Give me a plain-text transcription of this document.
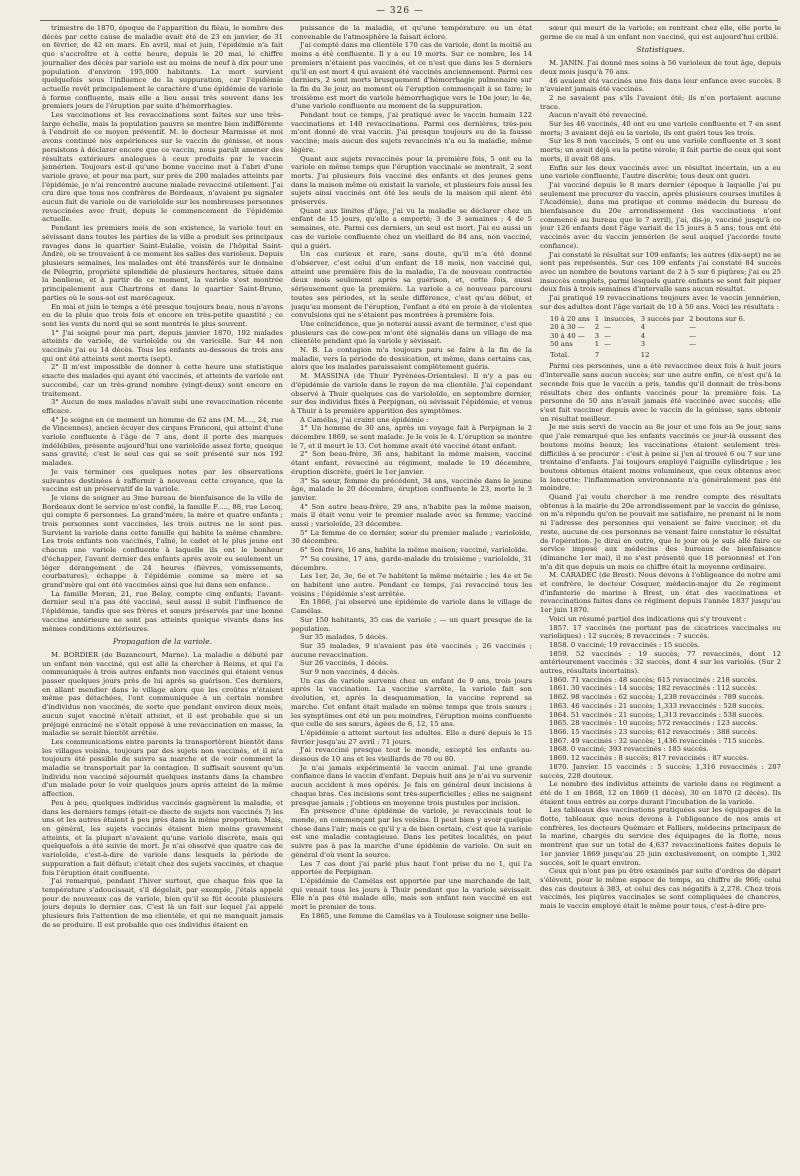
— 326 —

trimestre de 1870, époque de l'apparition du fléau, le nombre des décès par cette cause de maladie avait été de 23 en janvier, de 31 en février, de 42 en mars. En avril, mai et juin, l'épidémie n'a fait que s'accroître et à cette heure, depuis le 20 mai, le chiffre journalier des décès par variole est au moins de neuf à dix pour une population d'environ 195,000 habitants. La mort survient quelquefois sous l'influence de la suppuration, car l'épidémie actuelle revêt principalement le caractère d'une épidémie de variole à forme confluente, mais elle a lieu aussi très souvent dans les premiers jours de l'éruption par suite d'hémorrhagies.

Les vaccinations et les revaccinations sont faites sur une très-large échelle, mais la population pauvre se montre bien indifférente à l'endroit de ce moyen préventif. M. le docteur Marmisse et moi avons continué nos expériences sur le vaccin de génisse, et nous persistons à déclarer encore que ce vaccin, nous paraît amener des résultats extérieurs analogues à ceux produits par le vaccin jennérien. Toujours est-il qu'une bonne vaccine met à l'abri d'une variole grave, et pour ma part, sur près de 200 malades atteints par l'épidémie, je n'ai rencontré aucune malade revacciné utilement. J'ai cru dire que tous nos confrères de Bordeaux, n'avaient pu signaler aucun fait de variole ou de varioloïde sur les nombreuses personnes revaccinées avec fruit, depuis le commencement de l'épidémie actuelle.

Pendant les premiers mois de son existence, la variole tout en sévissant dans toutes les parties de la ville a produit ses principaux ravages dans le quartier Saint-Eulalie, voisin de l'hôpital Saint-André, où se trouvaient à ce moment les salles des varioleux. Depuis plusieurs semaines, les malades ont été transférés sur le domaine de Pélegrin, propriété splendide de plusieurs hectares, située dans la banlieue, et à partir de ce moment, la variole s'est montrée principalement aux Chartrons et dans le quartier Saint-Bruno, parties où le sous-sol est marécageux.

En mai et juin le temps a été presque toujours beau, nous n'avons eu de la pluie que trois fois et encore en très-petite quantité ; ce sont les vents du nord qui se sont montrés le plus souvent.

1° J'ai soigné pour ma part, depuis janvier 1870, 192 malades atteints de variole, de varioloïde ou de varicelle. Sur 44 non vaccinés j'ai eu 14 décès. Tous les enfants au-dessous de trois ans qui ont été atteints sont morts (sept).

2° Il m'est impossible de donner à cette heure une statistique exacte des malades qui ayant été vaccinés, et atteints de variole ont succombé, car un très-grand nombre (vingt-deux) sont encore en traitement.

3° Aucun de mes malades n'avait subi une revaccination récente efficace.

4° Je soigne en ce moment un homme de 62 ans (M. M...., 24, rue de Vincennes), ancien écuyer des cirques Franconi, qui atteint d'une variole confluente à l'âge de 7 ans, dont il porte des marques indélébiles, présente aujourd'hui une varioloïde assez forte, quoique sans gravité; c'est le seul cas qui se soit présenté sur nos 192 malades.

Je vais terminer ces quelques notes par les observations suivantes destinées à raffermir à nouveau cette croyance, que la vaccine est un préservatif de la variole.

Je viens de soigner au 3me bureau de bienfaisance de la ville de Bordeaux dont le service m'est confié, la famille F....., 88, rue Lecoq, qui compte 6 personnes. La grand'mère, la mère et quatre enfants ; trois personnes sont vaccinées, les trois autres ne le sont pas. Survient la variole dans cette famille qui habite la même chambre. Les trois enfants non vaccinés, l'aîné, le cadet et le plus jeune ont chacun une variole confluente à laquelle ils ont le bonheur d'échapper, l'avant dernier des enfants après avoir eu seulement un léger dérangement de 24 heures (fièvres, vomissements, courbatures), échappe à l'épidémie comme sa mère et sa grand'mère qui ont été vaccinées ainsi que lui dans son enfance..

La famille Moran, 21, rue Belay, compte cinq enfants; l'avant-dernier seul n'a pas été vacciné, seul aussi il subit l'influence de l'épidémie, tandis que ses frères et sœurs préservés par une bonne vaccine antérieure ne sont pas atteints quoique vivants dans les mêmes conditions extérieures.

Propagation de la variole.

M. BORDIER (de Bazancourt, Marne). La maladie a débuté par un enfant non vacciné, qui est allé la chercher à Reims, et qui l'a communiquée à trois autres enfants non vaccinés qui étaient venus passer quelques jours près de lui après sa guérison. Ces derniers, en allant mendier dans le village alors que les croûtes n'étaient même pas détachées, l'ont communiquée à un certain nombre d'individus non vaccinés, de sorte que pendant environ deux mois, aucun sujet vacciné n'était atteint, et il est probable que si un préjugé enraciné ne s'était opposé à une revaccination en masse, la maladie se serait bientôt arrêtée.

Les communications entre parents la transportèrent bientôt dans les villages voisins, toujours par des sujets non vaccinés, et il m'a toujours été possible de suivre sa marche et de voir comment la maladie se transportait par la contagion. Il suffisait souvent qu'un individu non vacciné séjournât quelques instants dans la chambre d'un malade pour le voir quelques jours après atteint de la même affection.

Peu à peu, quelques individus vaccinés gagnèrent la maladie, et dans les derniers temps (était-ce diecte de sujets non vaccinés ?) les uns et les autres étaient à peu près dans la même proportion. Mais, en général, les sujets vaccinés étaient bien moins gravement atteints, et la plupart n'avaient qu'une variole discrète, mais qui quelquefois a été suivie de mort. Je n'ai observé que quatre cas de varioloïde, c'est-à-dire de variole dans lesquels la période de suppuration a fait défaut; c'était chez des sujets vaccinés, et chaque fois l'éruption était confluente.

J'ai remarqué, pendant l'hiver surtout, que chaque fois que la température s'adoucissait, s'il dégelait, par exemple, j'étais appelé pour de nouveaux cas de variole, bien qu'il se fût écoulé plusieurs jours depuis le dernier cas. C'est là un fait sur lequel j'ai appelé plusieurs fois l'attention de ma clientèle, et qui ne manquait jamais de se produire. Il est probable que ces individus étaient en

puissance de la maladie, et qu'une température ou un état convenable de l'atmosphère la faisait éclore.

J'ai compté dans ma clientèle 170 cas de variole, dont la moitié au moins a été confluente. Il y a eu 19 morts. Sur ce nombre, les 14 premiers n'étaient pas vaccinés, et ce n'est que dans les 5 derniers qu'il en est mort 4 qui avaient été vaccinés anciennement. Parmi ces derniers, 2 sont morts brusquement d'hémorrhagie pulmonaire sur la fin du 3e jour, au moment où l'éruption commençait à se faire; le troisième est mort de variole hémorrhagique vers le 10e jour; le 4e, d'une variole confluente au moment de la suppuration.

Pendant tout ce temps, j'ai pratiqué avec le vaccin humain 122 vaccinations et 140 revaccinations. Parmi ces dernières, très-peu m'ont donné de vrai vaccin. J'ai presque toujours eu de la fausse vaccine; mais aucun des sujets revaccinés n'a eu la maladie, même légère.

Quant aux sujets revaccinés pour la première fois, 5 ont eu la variole en même temps que l'éruption vaccinale se montrait, 2 sont morts. J'ai plusieurs fois vacciné des enfants et des jeunes gens dans la maison même où existait la variole, et plusieurs fois aussi les sujets ainsi vaccinés ont été les seuls de la maison qui aient été préservés.

Quant aux limites d'âge, j'ai vu la maladie se déclarer chez un enfant de 15 jours, qu'elle a emporté; 3 de 3 semaines ; 4 de 5 semaines, etc. Parmi ces derniers, un seul est mort. J'ai eu aussi un cas de variole confluente chez un vieillard de 84 ans, non vacciné, qui a guéri.

Un cas curieux et rare, sans doute, qu'il m'a été donné d'observer, c'est celui d'un enfant de 18 mois, non vacciné qui, atteint une première fois de la maladie, l'a de nouveau contractée deux mois seulement après sa guérison, et, cette fois, aussi sérieusement que la première. La variole a ce nouveau parcouru toutes ses périodes, et la seule différence, c'est qu'au début, et jusqu'au moment de l'éruption, l'enfant a été en proie à de violentes convulsions qui ne s'étaient pas montrées à première fois.

Une coïncidence, que je noterai aussi avant de terminer, c'est que plusieurs cas de cow-pox m'ont été signalés dans un village de ma clientèle pendant que la variole y sévissait.

N. B. La contagion m'a toujours paru se faire à la fin de la maladie, vers la période de dessication, et même, dans certains cas, alors que les malades paraissaient complètement guéris.

M. MASSINA (de Thuir Pyrénées-Orientales). Il n'y a pas eu d'épidémie de variole dans le rayon de ma clientèle. J'ai cependant observé à Thuir quelques cas de varioloïde, en septembre dernier, sur des individus fixés à Perpignan, où sévissait l'épidémie, et venus à Thuir à la première apparition des symptômes.

A Camélas, j'ai craint une épidémie :

1° Un homme de 30 ans, après un voyage fait à Perpignan le 2 décembre 1869, se sent malade. Je le vois le 4. L'éruption se montre le 7, et il meurt le 13. Cet homme avait été vacciné étant enfant.

2° Son beau-frère, 36 ans, habitant la même maison, vacciné étant enfant, revacciné au régiment, malade le 19 décembre, éruption discrète, guéri le 1er janvier.

3° Sa sœur, femme du précédent, 34 ans, vaccinée dans le jeune âge, malade le 20 décembre, éruption confluente le 23, morte le 3 janvier.

4° Son autre beau-frère, 29 ans, n'habite pas la même maison, mais il était venu voir le premier malade avec sa femme; vacciné aussi ; varioloïde, 23 décembre.

5° La femme de ce dernier, sœur du premier malade ; varioloïde, 30 décembre.

6° Son frère, 16 ans, habite la même maison; vacciné, varioloïde.

7° Sa cousine, 17 ans, garde-malade du troisième ; varioloïde, 31 décembre.

Les 1er, 2e, 3e, 6e et 7e habitent la même métairie ; les 4e et 5e en habitent une autre. Pendant ce temps, j'ai revacciné tous les voisins ; l'épidémie s'est arrêtée.

En 1866, j'ai observé une épidémie de variole dans le village de Camélas.

Sur 150 habitants, 35 cas de variole ; — un quart presque de la population.

Sur 35 malades, 5 décès.

Sur 35 malades, 9 n'avaient pas été vaccinés ; 26 vaccinés ; aucune revaccination.

Sur 26 vaccinés, 1 décès.

Sur 9 non vaccinés, 4 décès.

Un cas de variole survenu chez un enfant de 9 ans, trois jours après la vaccination. La vaccine s'arrête, la variole fait son évolution, et, après la desquammation, la vaccine reprend sa marche. Cet enfant était malade en même temps que trois sœurs ; les symptômes ont été un peu moindres, l'éruption moins confluente que celle de ses sœurs, âgées de 6, 12, 15 ans.

L'épidémie a atteint surtout les adultes. Elle a duré depuis le 15 février jusqu'au 27 avril : 71 jours.

J'ai revacciné presque tout le monde, excepté les enfants au-dessous de 10 ans et les vieillards de 70 ou 80.

Je n'ai jamais expérimenté le vaccin animal. J'ai une grande confiance dans le vaccin d'enfant. Depuis huit ans je n'ai vu survenir aucun accident à mes opérés. Je fais en général deux incisions à chaque bras. Ces incisions sont très-superficielles ; elles ne saignent presque jamais ; j'obtiens en moyenne trois pustules par incision.

En présence d'une épidémie de variole, je revaccinais tout le monde, en commençant par les voisins. Il peut bien y avoir quelque chose dans l'air; mais ce qu'il y a de bien certain, c'est que la variole est une maladie contagieuse. Dans les petites localités, on peut suivre pas à pas la marche d'une épidémie de variole. On suit en général d'où vient la source.

Les 7 cas dont j'ai parlé plus haut l'ont prise du no 1, qui l'a apportée de Perpignan.

L'épidémie de Camélas est apportée par une marchande de lait, qui venait tous les jours à Thuir pendant que la variole sévissait. Elle n'a pas été malade elle, mais son enfant non vacciné en est mort le premier de tous.

En 1865, une femme de Camélas va à Toulouse soigner une belle-

sœur qui meurt de la variole; en rentrant chez elle, elle porte le germe de ce mal à un enfant non vacciné, qui est aujourd'hui criblé.

Statistiques.

M. JANIN. J'ai donné mes soins à 56 varioleux de tout âge, depuis deux mois jusqu'à 76 ans.

46 avaient été vaccinés une fois dans leur enfance avec succès. 8 n'avaient jamais été vaccinés.

2 ne savaient pas s'ils l'avaient été; ils n'en portaient aucune trace.

Aucun n'avait été revacciné.

Sur les 46 vaccinés, 40 ont eu une variole confluente et 7 en sont morts; 3 avaient déjà eu la variole, ils ont guéri tous les trois.

Sur les 8 non vaccinés, 5 ont eu une variole confluente et 3 sont morts; un avait déjà eu la petite vérole; il fait partie de ceux qui sont morts, il avait 68 ans.

Enfin sur les deux vaccinés avec un résultat incertain, un a eu une variole confluente, l'autre discrète; tous deux ont guéri.

J'ai vacciné depuis le 8 mars dernier (époque à laquelle j'ai pu seulement me procurer du vaccin, après plusieurs courses inutiles à l'Académie), dans ma pratique et comme médecin du bureau de bienfaisance du 20e arrondissement (les vaccinations n'ont commencé au bureau que le 7 avril), j'ai, dis-je, vacciné jusqu'à ce jour 126 enfants dont l'âge variait de 15 jours à 5 ans; tous ont été vaccinés avec du vaccin jennérien (le seul auquel j'accorde toute confiance).

J'ai constaté le résultat sur 109 enfants; les autres (dix-sept) ne se sont pas représentés. Sur ces 109 enfants j'ai constaté 84 succès avec un nombre de boutons variant de 2 à 5 sur 6 piqûres; j'ai eu 25 insuccès complets, parmi lesquels quatre enfants se sont fait piquer deux fois à trois semaines d'intervalle sans aucun résultat.

J'ai pratiqué 19 revaccinations toujours avec le vaccin jennérien, sur des adultes dont l'âge variait de 10 à 50 ans. Voici les résultats :

10 à 20 ans	1	insuccès,	3 succès par	2 boutons sur 6.
20 à 30 —	2	—	4	—
30 à 40 —	3	—	4	—
50 ans	1	—	3	—
Total.	7		12	

Parmi ces personnes, une a été revaccinée deux fois à huit jours d'intervalle sans aucun succès; sur une autre enfin, ce n'est qu'à la seconde fois que le vaccin a pris, tandis qu'il donnait de très-bons résultats chez des enfants vaccinés pour la première fois. La personne de 50 ans n'avait jamais été vaccinée avec succès; elle s'est fait vacciner depuis avec le vaccin de la génisse, sans obtenir un résultat meilleur.

Je me suis servi de vaccin au 8e jour et une fois au 9e jour, sans que j'aie remarqué que les enfants vaccinés ce jour-là eussent des boutons moins beaux; les vaccinations étaient seulement très-difficiles à se procurer : c'est à peine si j'en ai trouvé 6 ou 7 sur une trentaine d'enfants. J'ai toujours employé l'aiguille cylindrique ; les boutons obtenus étaient moins volumineux, que ceux obtenus avec la lancette; l'inflammation environnante n'a généralement pas été moindre.

Quand j'ai voulu chercher à me rendre compte des résultats obtenus à la mairie du 20e arrondissement par le vaccin de génisse, on m'a répondu qu'on ne pouvait me satisfaire, ne prenant ni le nom ni l'adresse des personnes qui venaient se faire vacciner, et du reste, aucune de ces personnes ne venant faire constater le résultat de l'opération. Je dirai en outre, que le jour où je suis allé faire ce service imposé aux médecins des bureaux de bienfaisance (dimanche 1er mai), il ne s'est présenté que 18 personnes! et l'on m'a dit que depuis un mois ce chiffre était la moyenne ordinaire.

M. CARADEC (de Brest). Nous devons à l'obligeance de notre ami et confrère, le docteur Cosquer, médecin-major du 2e régiment d'infanterie de marine à Brest, un état des vaccinations et revaccinations faites dans ce régiment depuis l'année 1837 jusqu'au 1er juin 1870.

Voici un résumé partiel des indications qui s'y trouvent :

1857. 17 vaccinés (ne portant pas de cicatrices vaccinales ou varioliques) : 12 succès; 8 revaccinés : 7 succès.

1858. 0 vacciné; 19 revaccinés : 15 succès.

1859. 52 vaccinés : 19 succès; 77 revaccinés, dont 12 antérieurement vaccinés : 32 succès, dont 4 sur les variolés. (Sur 2 autres, résultats incertains).

1860. 71 vaccinés : 48 succès; 615 revaccinés : 218 succès.

1861. 30 vaccinés : 14 succès; 182 revaccinés : 112 succès.

1862. 98 vaccinés : 62 succès; 1,238 revaccinés : 789 succès.

1863. 46 vaccinés : 21 succès; 1,333 revaccinés : 528 succès.

1864. 51 vaccinés : 21 succès; 1,313 revaccinés : 538 succès.

1865. 28 vaccinés : 10 succès; 572 revaccinés : 123 succès.

1866. 15 vaccinés : 23 succès; 612 revaccinés : 388 succès.

1867. 49 vaccinés : 32 succès; 1,436 revaccinés : 715 succès.

1868. 0 vacciné; 393 revaccinés : 185 succès.

1869. 12 vaccinés : 8 succès; 817 revaccinés : 87 succès.

1870. Janvier. 15 vaccinés : 5 succès; 1,316 revaccinés : 287 succès, 228 douteux.

Le nombre des individus atteints de variole dans ce régiment a été de 1 en 1868, 12 en 1869 (1 décès), 30 en 1870 (2 décès). Ils étaient tous entrés au corps durant l'incubation de la variole.

Les tableaux des vaccinations pratiquées sur les équipages de la flotte, tableaux que nous devons à l'obligeance de nos amis et confrères, les docteurs Quémarc et Falliers, médecins principaux de la marine, chargés du service des équipages de la flotte, nous montrent que sur un total de 4,637 revaccinations faites depuis le 1er janvier 1869 jusqu'au 25 juin exclusivement, on compte 1,302 succès, soit le quart environ.

Ceux qui n'ont pas pu être examinés par suite d'ordres de départ s'élèvent, pour le même espace de temps, au chiffre de 966; celui des cas douteux à 383, et celui des cas négatifs à 2,278. Chez trois vaccinés, les piqûres vaccinales se sont compliquées de chancres, mais le vaccin employé était le même pour tous, c'est-à-dire pro-
